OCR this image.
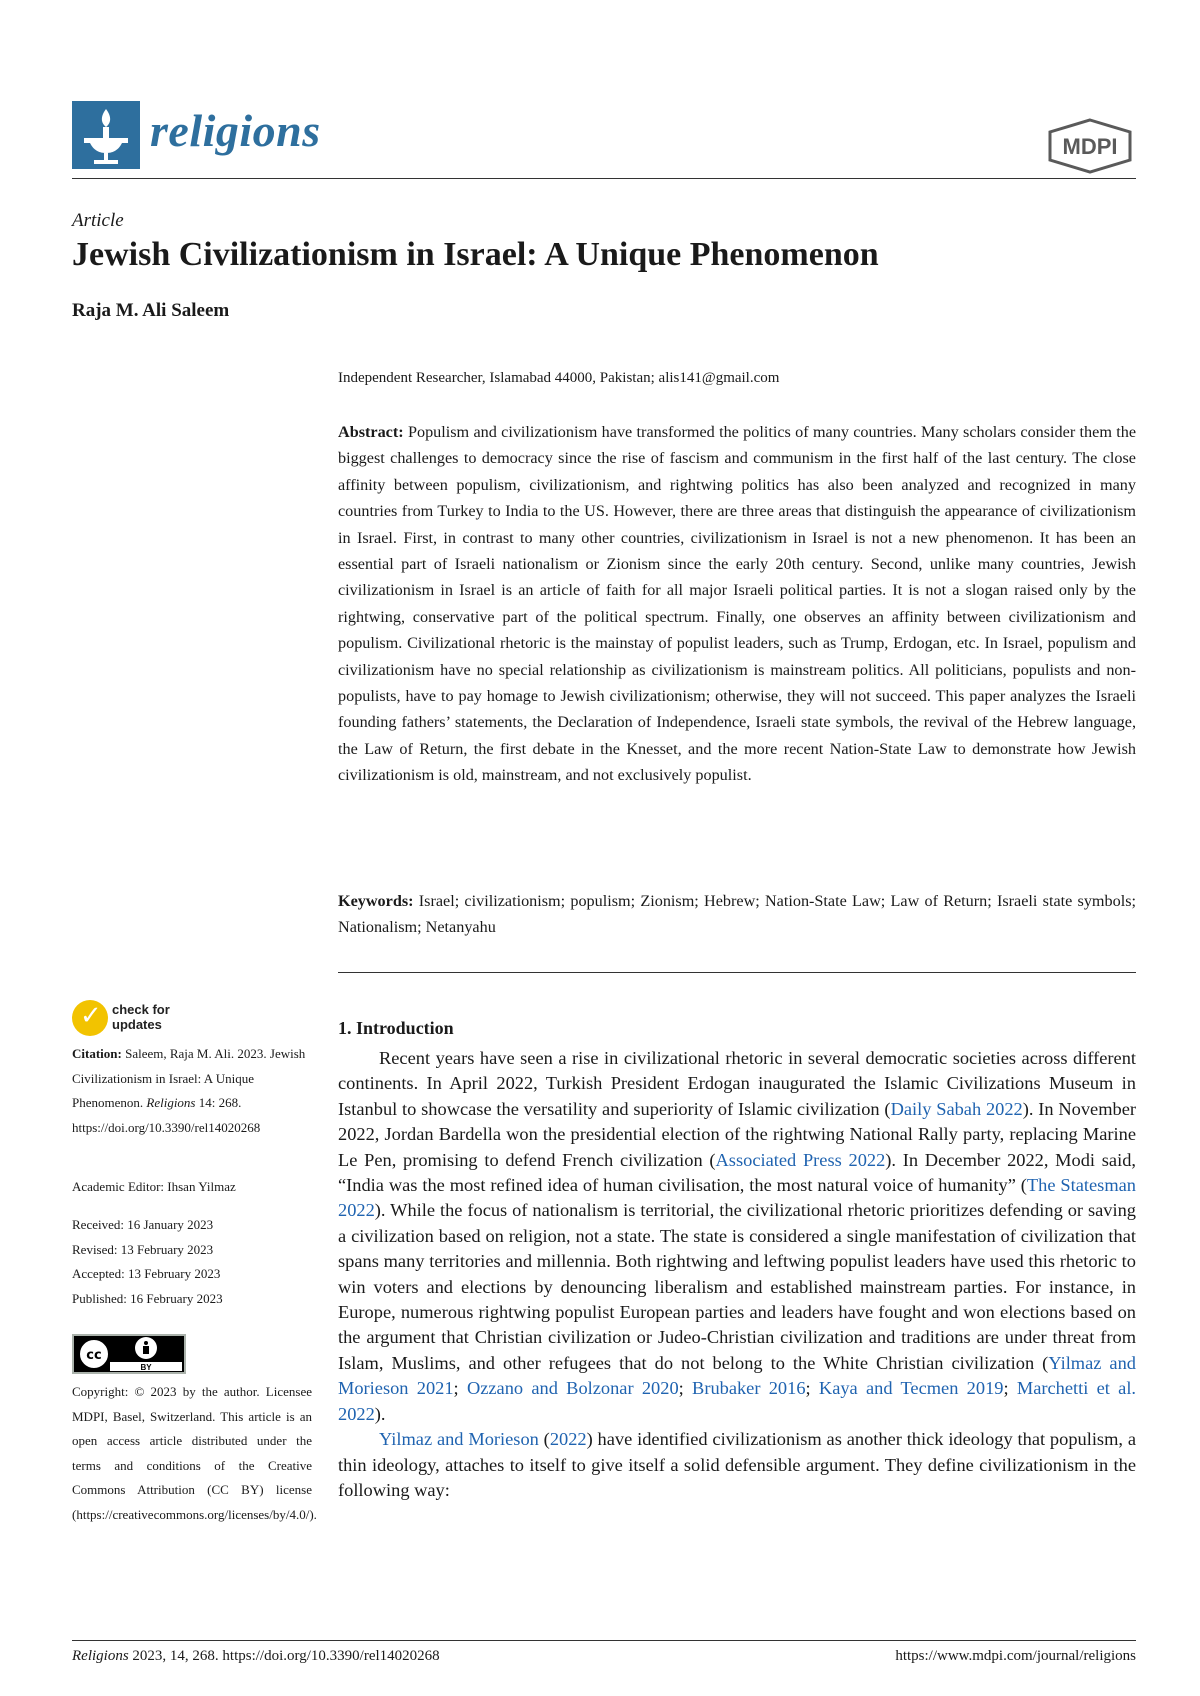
religions	MDPI
Article
Jewish Civilizationism in Israel: A Unique Phenomenon
Raja M. Ali Saleem
Independent Researcher, Islamabad 44000, Pakistan; alis141@gmail.com
Abstract: Populism and civilizationism have transformed the politics of many countries. Many scholars consider them the biggest challenges to democracy since the rise of fascism and communism in the first half of the last century. The close affinity between populism, civilizationism, and rightwing politics has also been analyzed and recognized in many countries from Turkey to India to the US. However, there are three areas that distinguish the appearance of civilizationism in Israel. First, in contrast to many other countries, civilizationism in Israel is not a new phenomenon. It has been an essential part of Israeli nationalism or Zionism since the early 20th century. Second, unlike many countries, Jewish civilizationism in Israel is an article of faith for all major Israeli political parties. It is not a slogan raised only by the rightwing, conservative part of the political spectrum. Finally, one observes an affinity between civilizationism and populism. Civilizational rhetoric is the mainstay of populist leaders, such as Trump, Erdogan, etc. In Israel, populism and civilizationism have no special relationship as civilizationism is mainstream politics. All politicians, populists and non-populists, have to pay homage to Jewish civilizationism; otherwise, they will not succeed. This paper analyzes the Israeli founding fathers’ statements, the Declaration of Independence, Israeli state symbols, the revival of the Hebrew language, the Law of Return, the first debate in the Knesset, and the more recent Nation-State Law to demonstrate how Jewish civilizationism is old, mainstream, and not exclusively populist.
Keywords: Israel; civilizationism; populism; Zionism; Hebrew; Nation-State Law; Law of Return; Israeli state symbols; Nationalism; Netanyahu
1. Introduction

Recent years have seen a rise in civilizational rhetoric in several democratic societies across different continents. In April 2022, Turkish President Erdogan inaugurated the Islamic Civilizations Museum in Istanbul to showcase the versatility and superiority of Islamic civilization (Daily Sabah 2022). In November 2022, Jordan Bardella won the presidential election of the rightwing National Rally party, replacing Marine Le Pen, promising to defend French civilization (Associated Press 2022). In December 2022, Modi said, “India was the most refined idea of human civilisation, the most natural voice of humanity” (The Statesman 2022). While the focus of nationalism is territorial, the civilizational rhetoric prioritizes defending or saving a civilization based on religion, not a state. The state is considered a single manifestation of civilization that spans many territories and millennia. Both rightwing and leftwing populist leaders have used this rhetoric to win voters and elections by denouncing liberalism and established mainstream parties. For instance, in Europe, numerous rightwing populist European parties and leaders have fought and won elections based on the argument that Christian civilization or Judeo-Christian civilization and traditions are under threat from Islam, Muslims, and other refugees that do not belong to the White Christian civilization (Yilmaz and Morieson 2021; Ozzano and Bolzonar 2020; Brubaker 2016; Kaya and Tecmen 2019; Marchetti et al. 2022).

Yilmaz and Morieson (2022) have identified civilizationism as another thick ideology that populism, a thin ideology, attaches to itself to give itself a solid defensible argument. They define civilizationism in the following way:

✓ check for
updates
Citation: Saleem, Raja M. Ali. 2023. Jewish Civilizationism in Israel: A Unique Phenomenon. Religions 14: 268. https://doi.org/10.3390/rel14020268
Academic Editor: Ihsan Yilmaz
Received: 16 January 2023
Revised: 13 February 2023
Accepted: 13 February 2023
Published: 16 February 2023
cc
BY
Copyright: © 2023 by the author. Licensee MDPI, Basel, Switzerland. This article is an open access article distributed under the terms and conditions of the Creative Commons Attribution (CC BY) license (https://creativecommons.org/licenses/by/4.0/).
Religions 2023, 14, 268. https://doi.org/10.3390/rel14020268	https://www.mdpi.com/journal/religions
